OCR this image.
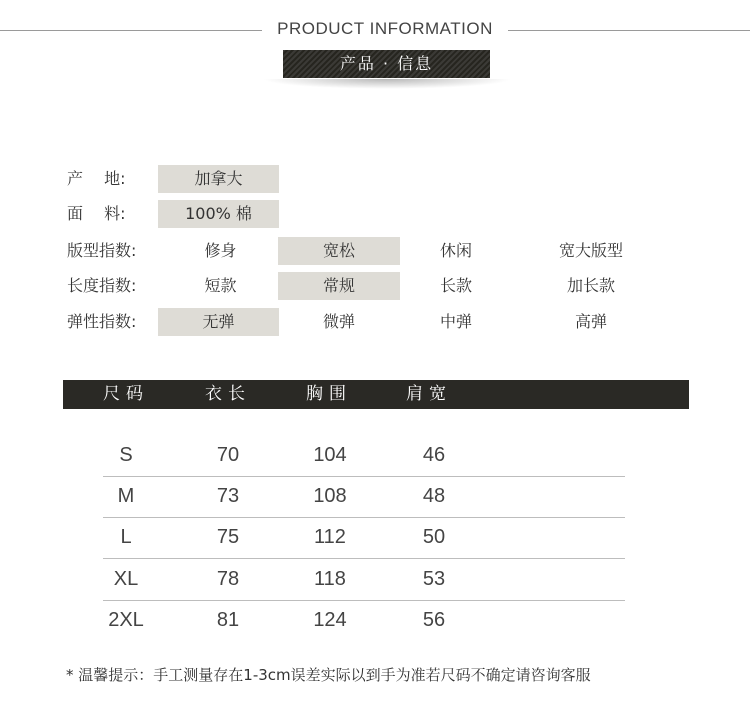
PRODUCT INFORMATION
产品 · 信息
产　 地:	加拿大
面　 料:	100% 棉
版型指数:	修身	宽松	休闲	宽大版型
长度指数:	短款	常规	长款	加长款
弹性指数:	无弹	微弹	中弹	高弹
尺码	衣长	胸围	肩宽
S	70	104	46
M	73	108	48
L	75	112	50
XL	78	118	53
2XL	81	124	56
* 温馨提示：手工测量存在1-3cm误差实际以到手为准若尺码不确定请咨询客服
